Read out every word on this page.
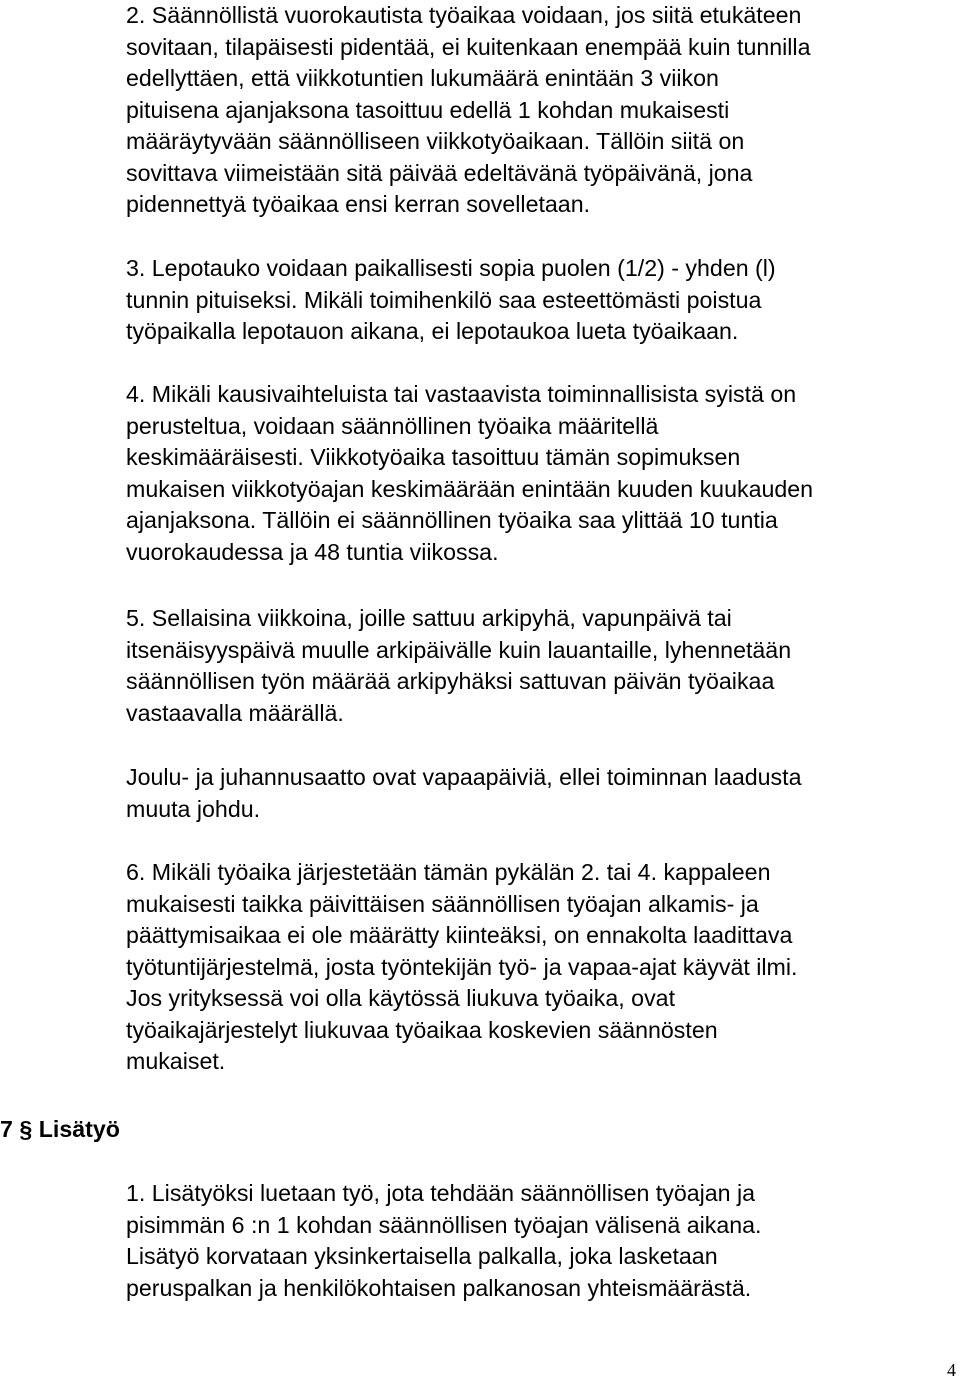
2. Säännöllistä vuorokautista työaikaa voidaan, jos siitä etukäteen
sovitaan, tilapäisesti pidentää, ei kuitenkaan enempää kuin tunnilla
edellyttäen, että viikkotuntien lukumäärä enintään 3 viikon
pituisena ajanjaksona tasoittuu edellä 1 kohdan mukaisesti
määräytyvään säännölliseen viikkotyöaikaan. Tällöin siitä on
sovittava viimeistään sitä päivää edeltävänä työpäivänä, jona
pidennettyä työaikaa ensi kerran sovelletaan.
3. Lepotauko voidaan paikallisesti sopia puolen (1/2) - yhden (l)
tunnin pituiseksi. Mikäli toimihenkilö saa esteettömästi poistua
työpaikalla lepotauon aikana, ei lepotaukoa lueta työaikaan.
4. Mikäli kausivaihteluista tai vastaavista toiminnallisista syistä on
perusteltua, voidaan säännöllinen työaika määritellä
keskimääräisesti. Viikkotyöaika tasoittuu tämän sopimuksen
mukaisen viikkotyöajan keskimäärään enintään kuuden kuukauden
ajanjaksona. Tällöin ei säännöllinen työaika saa ylittää 10 tuntia
vuorokaudessa ja 48 tuntia viikossa.
5. Sellaisina viikkoina, joille sattuu arkipyhä, vapunpäivä tai
itsenäisyyspäivä muulle arkipäivälle kuin lauantaille, lyhennetään
säännöllisen työn määrää arkipyhäksi sattuvan päivän työaikaa
vastaavalla määrällä.
Joulu- ja juhannusaatto ovat vapaapäiviä, ellei toiminnan laadusta
muuta johdu.
6. Mikäli työaika järjestetään tämän pykälän 2. tai 4. kappaleen
mukaisesti taikka päivittäisen säännöllisen työajan alkamis- ja
päättymisaikaa ei ole määrätty kiinteäksi, on ennakolta laadittava
työtuntijärjestelmä, josta työntekijän työ- ja vapaa-ajat käyvät ilmi.
Jos yrityksessä voi olla käytössä liukuva työaika, ovat
työaikajärjestelyt liukuvaa työaikaa koskevien säännösten
mukaiset.
7 § Lisätyö
1. Lisätyöksi luetaan työ, jota tehdään säännöllisen työajan ja
pisimmän 6 :n 1 kohdan säännöllisen työajan välisenä aikana.
Lisätyö korvataan yksinkertaisella palkalla, joka lasketaan
peruspalkan ja henkilökohtaisen palkanosan yhteismäärästä.
4
